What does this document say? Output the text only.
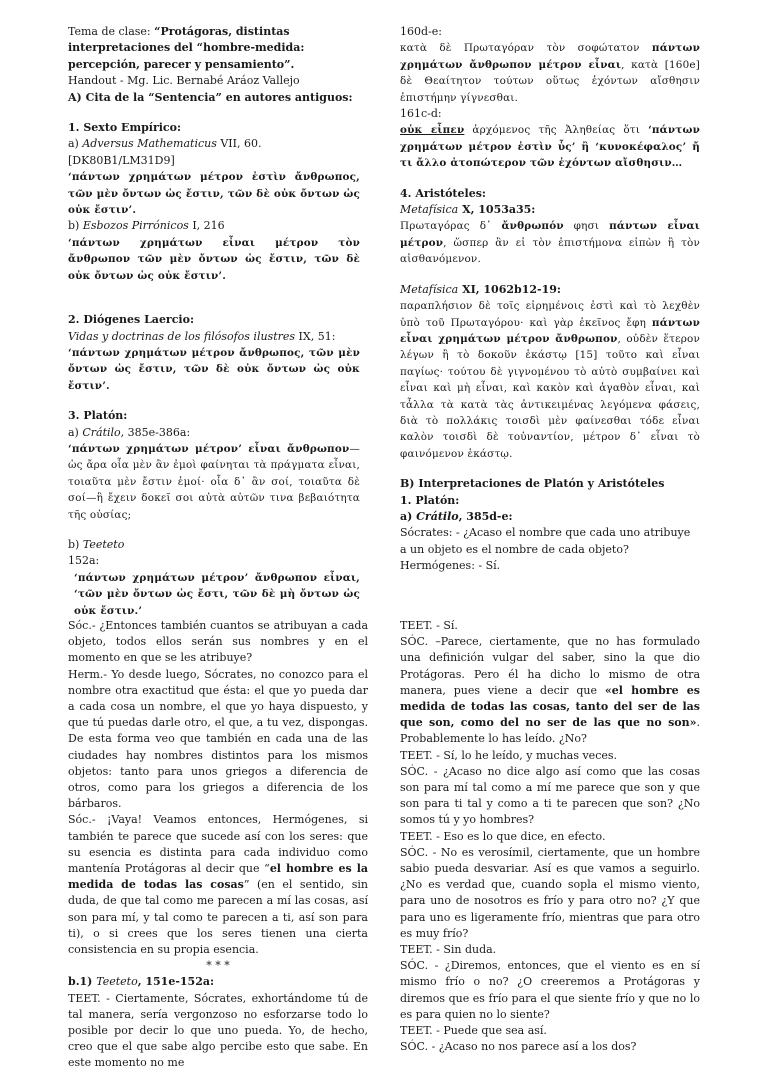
Tema de clase: “Protágoras, distintas interpretaciones del “hombre-medida: percepción, parecer y pensamiento”.

Handout - Mg. Lic. Bernabé Aráoz Vallejo

A) Cita de la “Sentencia” en autores antiguos:

1. Sexto Empírico:

a) Adversus Mathematicus VII, 60. [DK80B1/LM31D9]

‘πάντων χρημάτων μέτρον ἐστὶν ἄνθρωπος, τῶν μὲν ὄντων ὡς ἔστιν, τῶν δὲ οὐκ ὄντων ὡς οὐκ ἔστιν’.

b) Esbozos Pirrónicos I, 216

‘πάντων χρημάτων εἶναι μέτρον τὸν ἄνθρωπον τῶν μὲν ὄντων ὡς ἔστιν, τῶν δὲ οὐκ ὄντων ὡς οὐκ ἔστιν’.

2. Diógenes Laercio:

Vidas y doctrinas de los filósofos ilustres IX, 51:

‘πάντων χρημάτων μέτρον ἄνθρωπος, τῶν μὲν ὄντων ὡς ἔστιν, τῶν δὲ οὐκ ὄντων ὡς οὐκ ἔστιν’.

3. Platón:

a) Crátilo, 385e-386a:

‘πάντων χρημάτων μέτρον’ εἶναι ἄνθρωπον—ὡς ἄρα οἷα μὲν ἂν ἐμοὶ φαίνηται τὰ πράγματα εἶναι, τοιαῦτα μὲν ἔστιν ἐμοί· οἷα δ᾽ ἂν σοί, τοιαῦτα δὲ σοί—ἢ ἔχειν δοκεῖ σοι αὐτὰ αὑτῶν τινα βεβαιότητα τῆς οὐσίας;

b) Teeteto

152a:

‘πάντων χρημάτων μέτρον’ ἄνθρωπον εἶναι, ‘τῶν μὲν ὄντων ὡς ἔστι, τῶν δὲ μὴ ὄντων ὡς οὐκ ἔστιν.’

160d-e:

κατὰ δὲ Πρωταγόραν τὸν σοφώτατον πάντων χρημάτων ἄνθρωπον μέτρον εἶναι, κατὰ [160e] δὲ Θεαίτητον τούτων οὕτως ἐχόντων αἴσθησιν ἐπιστήμην γίγνεσθαι.

161c-d:

οὐκ εἶπεν ἀρχόμενος τῆς Ἀληθείας ὅτι ‘πάντων χρημάτων μέτρον ἐστὶν ὗς’ ἢ ‘κυνοκέφαλος’ ἤ τι ἄλλο ἀτοπώτερον τῶν ἐχόντων αἴσθησιν…

4. Aristóteles:

Metafísica X, 1053a35:

Πρωταγόρας δ᾽ ἄνθρωπόν φησι πάντων εἶναι μέτρον, ὥσπερ ἂν εἰ τὸν ἐπιστήμονα εἰπὼν ἢ τὸν αἰσθανόμενον.

Metafísica XI, 1062b12-19:

παραπλήσιον δὲ τοῖς εἰρημένοις ἐστὶ καὶ τὸ λεχθὲν ὑπὸ τοῦ Πρωταγόρου· καὶ γὰρ ἐκεῖνος ἔφη πάντων εἶναι χρημάτων μέτρον ἄνθρωπον, οὐδὲν ἕτερον λέγων ἢ τὸ δοκοῦν ἑκάστῳ [15] τοῦτο καὶ εἶναι παγίως· τούτου δὲ γιγνομένου τὸ αὐτὸ συμβαίνει καὶ εἶναι καὶ μὴ εἶναι, καὶ κακὸν καὶ ἀγαθὸν εἶναι, καὶ τἆλλα τὰ κατὰ τὰς ἀντικειμένας λεγόμενα φάσεις, διὰ τὸ πολλάκις τοισδὶ μὲν φαίνεσθαι τόδε εἶναι καλὸν τοισδὶ δὲ τοὐναντίον, μέτρον δ᾽ εἶναι τὸ φαινόμενον ἑκάστῳ.

B) Interpretaciones de Platón y Aristóteles

1. Platón:

a) Crátilo, 385d-e:

Sócrates: - ¿Acaso el nombre que cada uno atribuye a un objeto es el nombre de cada objeto?

Hermógenes: - Sí.

Sóc.- ¿Entonces también cuantos se atribuyan a cada objeto, todos ellos serán sus nombres y en el momento en que se les atribuye?

Herm.- Yo desde luego, Sócrates, no conozco para el nombre otra exactitud que ésta: el que yo pueda dar a cada cosa un nombre, el que yo haya dispuesto, y que tú puedas darle otro, el que, a tu vez, dispongas. De esta forma veo que también en cada una de las ciudades hay nombres distintos para los mismos objetos: tanto para unos griegos a diferencia de otros, como para los griegos a diferencia de los bárbaros.

Sóc.- ¡Vaya! Veamos entonces, Hermógenes, si también te parece que sucede así con los seres: que su esencia es distinta para cada individuo como mantenía Protágoras al decir que “el hombre es la medida de todas las cosas” (en el sentido, sin duda, de que tal como me parecen a mí las cosas, así son para mí, y tal como te parecen a ti, así son para ti), o si crees que los seres tienen una cierta consistencia en su propia esencia.

* * *

b.1) Teeteto, 151e-152a:

TEET. - Ciertamente, Sócrates, exhortándome tú de tal manera, sería vergonzoso no esforzarse todo lo posible por decir lo que uno pueda. Yo, de hecho, creo que el que sabe algo percibe esto que sabe. En este momento no me

TEET. - Sí.

SÓC. –Parece, ciertamente, que no has formulado una definición vulgar del saber, sino la que dio Protágoras. Pero él ha dicho lo mismo de otra manera, pues viene a decir que «el hombre es medida de todas las cosas, tanto del ser de las que son, como del no ser de las que no son». Probablemente lo has leído. ¿No?

TEET. - Sí, lo he leído, y muchas veces.

SÓC. - ¿Acaso no dice algo así como que las cosas son para mí tal como a mí me parece que son y que son para ti tal y como a ti te parecen que son? ¿No somos tú y yo hombres?

TEET. - Eso es lo que dice, en efecto.

SÓC. - No es verosímil, ciertamente, que un hombre sabio pueda desvariar. Así es que vamos a seguirlo. ¿No es verdad que, cuando sopla el mismo viento, para uno de nosotros es frío y para otro no? ¿Y que para uno es ligeramente frío, mientras que para otro es muy frío?

TEET. - Sin duda.

SÓC. - ¿Diremos, entonces, que el viento es en sí mismo frío o no? ¿O creeremos a Protágoras y diremos que es frío para el que siente frío y que no lo es para quien no lo siente?

TEET. - Puede que sea así.

SÓC. - ¿Acaso no nos parece así a los dos?
